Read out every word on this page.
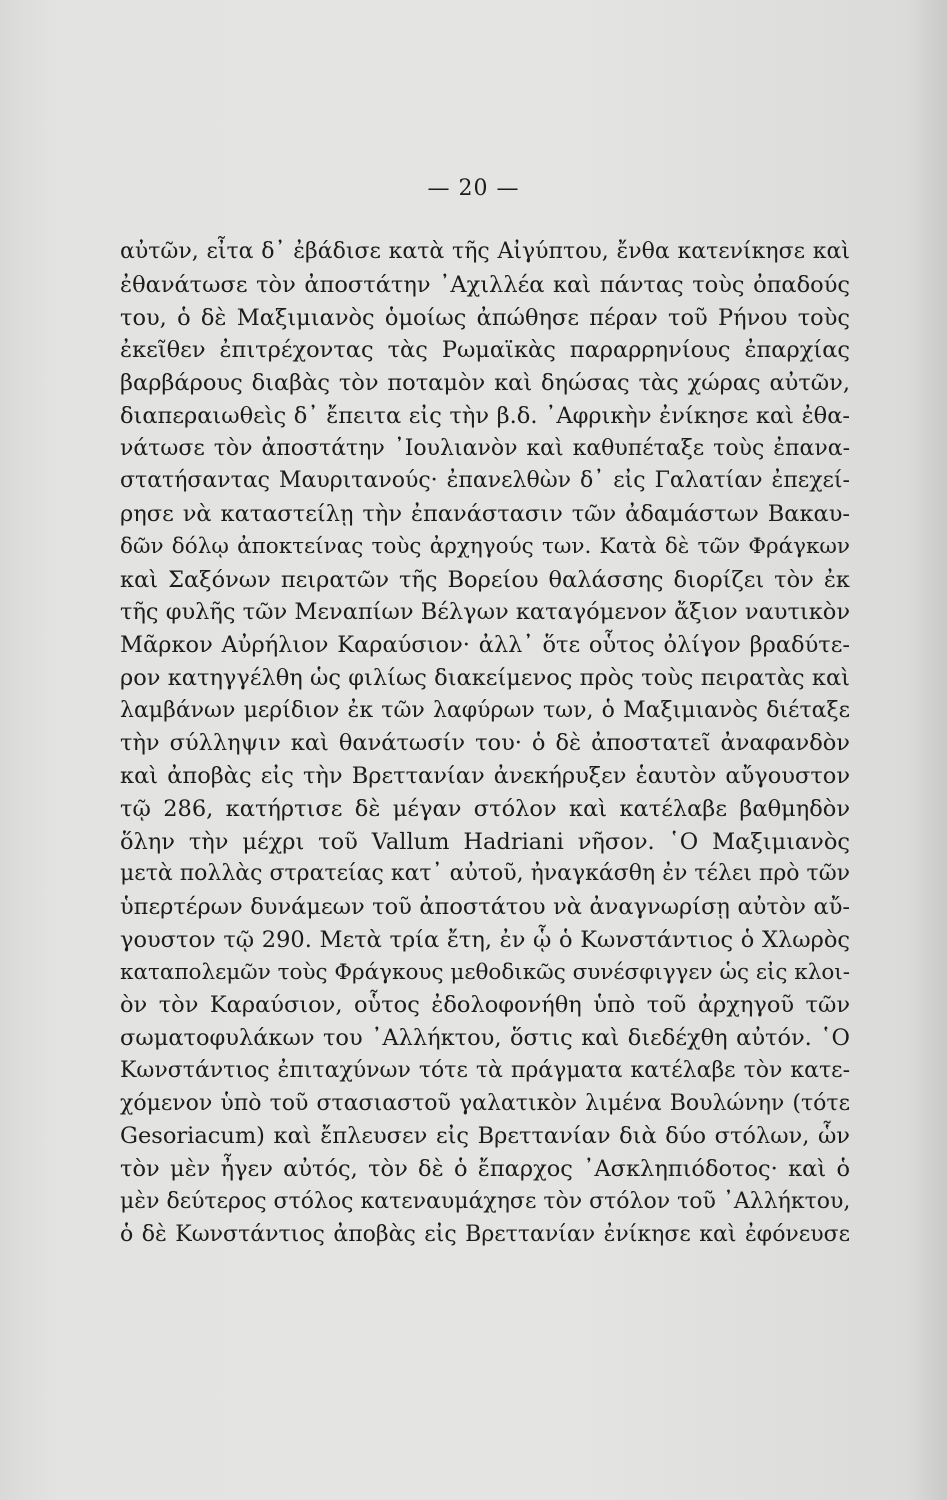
— 20 —
αὐτῶν, εἶτα δ᾿ ἐβάδισε κατὰ τῆς Αἰγύπτου, ἔνθα κατενίκησε καὶ
ἐθανάτωσε τὸν ἀποστάτην ᾿Αχιλλέα καὶ πάντας τοὺς ὀπαδούς
του, ὁ δὲ Μαξιμιανὸς ὁμοίως ἀπώθησε πέραν τοῦ Ρήνου τοὺς
ἐκεῖθεν ἐπιτρέχοντας τὰς Ρωμαϊκὰς παραρρηνίους ἐπαρχίας
βαρβάρους διαβὰς τὸν ποταμὸν καὶ δηώσας τὰς χώρας αὐτῶν,
διαπεραιωθεὶς δ᾿ ἔπειτα εἰς τὴν β.δ. ᾿Αφρικὴν ἐνίκησε καὶ ἐθα-
νάτωσε τὸν ἀποστάτην ᾿Ιουλιανὸν καὶ καθυπέταξε τοὺς ἐπανα-
στατήσαντας Μαυριτανούς· ἐπανελθὼν δ᾿ εἰς Γαλατίαν ἐπεχεί-
ρησε νὰ καταστείλῃ τὴν ἐπανάστασιν τῶν ἀδαμάστων Βακαυ-
δῶν δόλῳ ἀποκτείνας τοὺς ἀρχηγούς των. Κατὰ δὲ τῶν Φράγκων
καὶ Σαξόνων πειρατῶν τῆς Βορείου θαλάσσης διορίζει τὸν ἐκ
τῆς φυλῆς τῶν Μεναπίων Βέλγων καταγόμενον ἄξιον ναυτικὸν
Μᾶρκον Αὐρήλιον Καραύσιον· ἀλλ᾿ ὅτε οὗτος ὀλίγον βραδύτε-
ρον κατηγγέλθη ὡς φιλίως διακείμενος πρὸς τοὺς πειρατὰς καὶ
λαμβάνων μερίδιον ἐκ τῶν λαφύρων των, ὁ Μαξιμιανὸς διέταξε
τὴν σύλληψιν καὶ θανάτωσίν του· ὁ δὲ ἀποστατεῖ ἀναφανδὸν
καὶ ἀποβὰς εἰς τὴν Βρεττανίαν ἀνεκήρυξεν ἑαυτὸν αὔγουστον
τῷ 286, κατήρτισε δὲ μέγαν στόλον καὶ κατέλαβε βαθμηδὸν
ὅλην τὴν μέχρι τοῦ Vallum Hadriani νῆσον. ῾Ο Μαξιμιανὸς
μετὰ πολλὰς στρατείας κατ᾿ αὐτοῦ, ἠναγκάσθη ἐν τέλει πρὸ τῶν
ὑπερτέρων δυνάμεων τοῦ ἀποστάτου νὰ ἀναγνωρίσῃ αὐτὸν αὔ-
γουστον τῷ 290. Μετὰ τρία ἔτη, ἐν ᾧ ὁ Κωνστάντιος ὁ Χλωρὸς
καταπολεμῶν τοὺς Φράγκους μεθοδικῶς συνέσφιγγεν ὡς εἰς κλοι-
ὸν τὸν Καραύσιον, οὗτος ἐδολοφονήθη ὑπὸ τοῦ ἀρχηγοῦ τῶν
σωματοφυλάκων του ᾿Αλλήκτου, ὅστις καὶ διεδέχθη αὐτόν. ῾Ο
Κωνστάντιος ἐπιταχύνων τότε τὰ πράγματα κατέλαβε τὸν κατε-
χόμενον ὑπὸ τοῦ στασιαστοῦ γαλατικὸν λιμένα Βουλώνην (τότε
Gesoriacum) καὶ ἔπλευσεν εἰς Βρεττανίαν διὰ δύο στόλων, ὧν
τὸν μὲν ἦγεν αὐτός, τὸν δὲ ὁ ἔπαρχος ᾿Ασκληπιόδοτος· καὶ ὁ
μὲν δεύτερος στόλος κατεναυμάχησε τὸν στόλον τοῦ ᾿Αλλήκτου,
ὁ δὲ Κωνστάντιος ἀποβὰς εἰς Βρεττανίαν ἐνίκησε καὶ ἐφόνευσε
